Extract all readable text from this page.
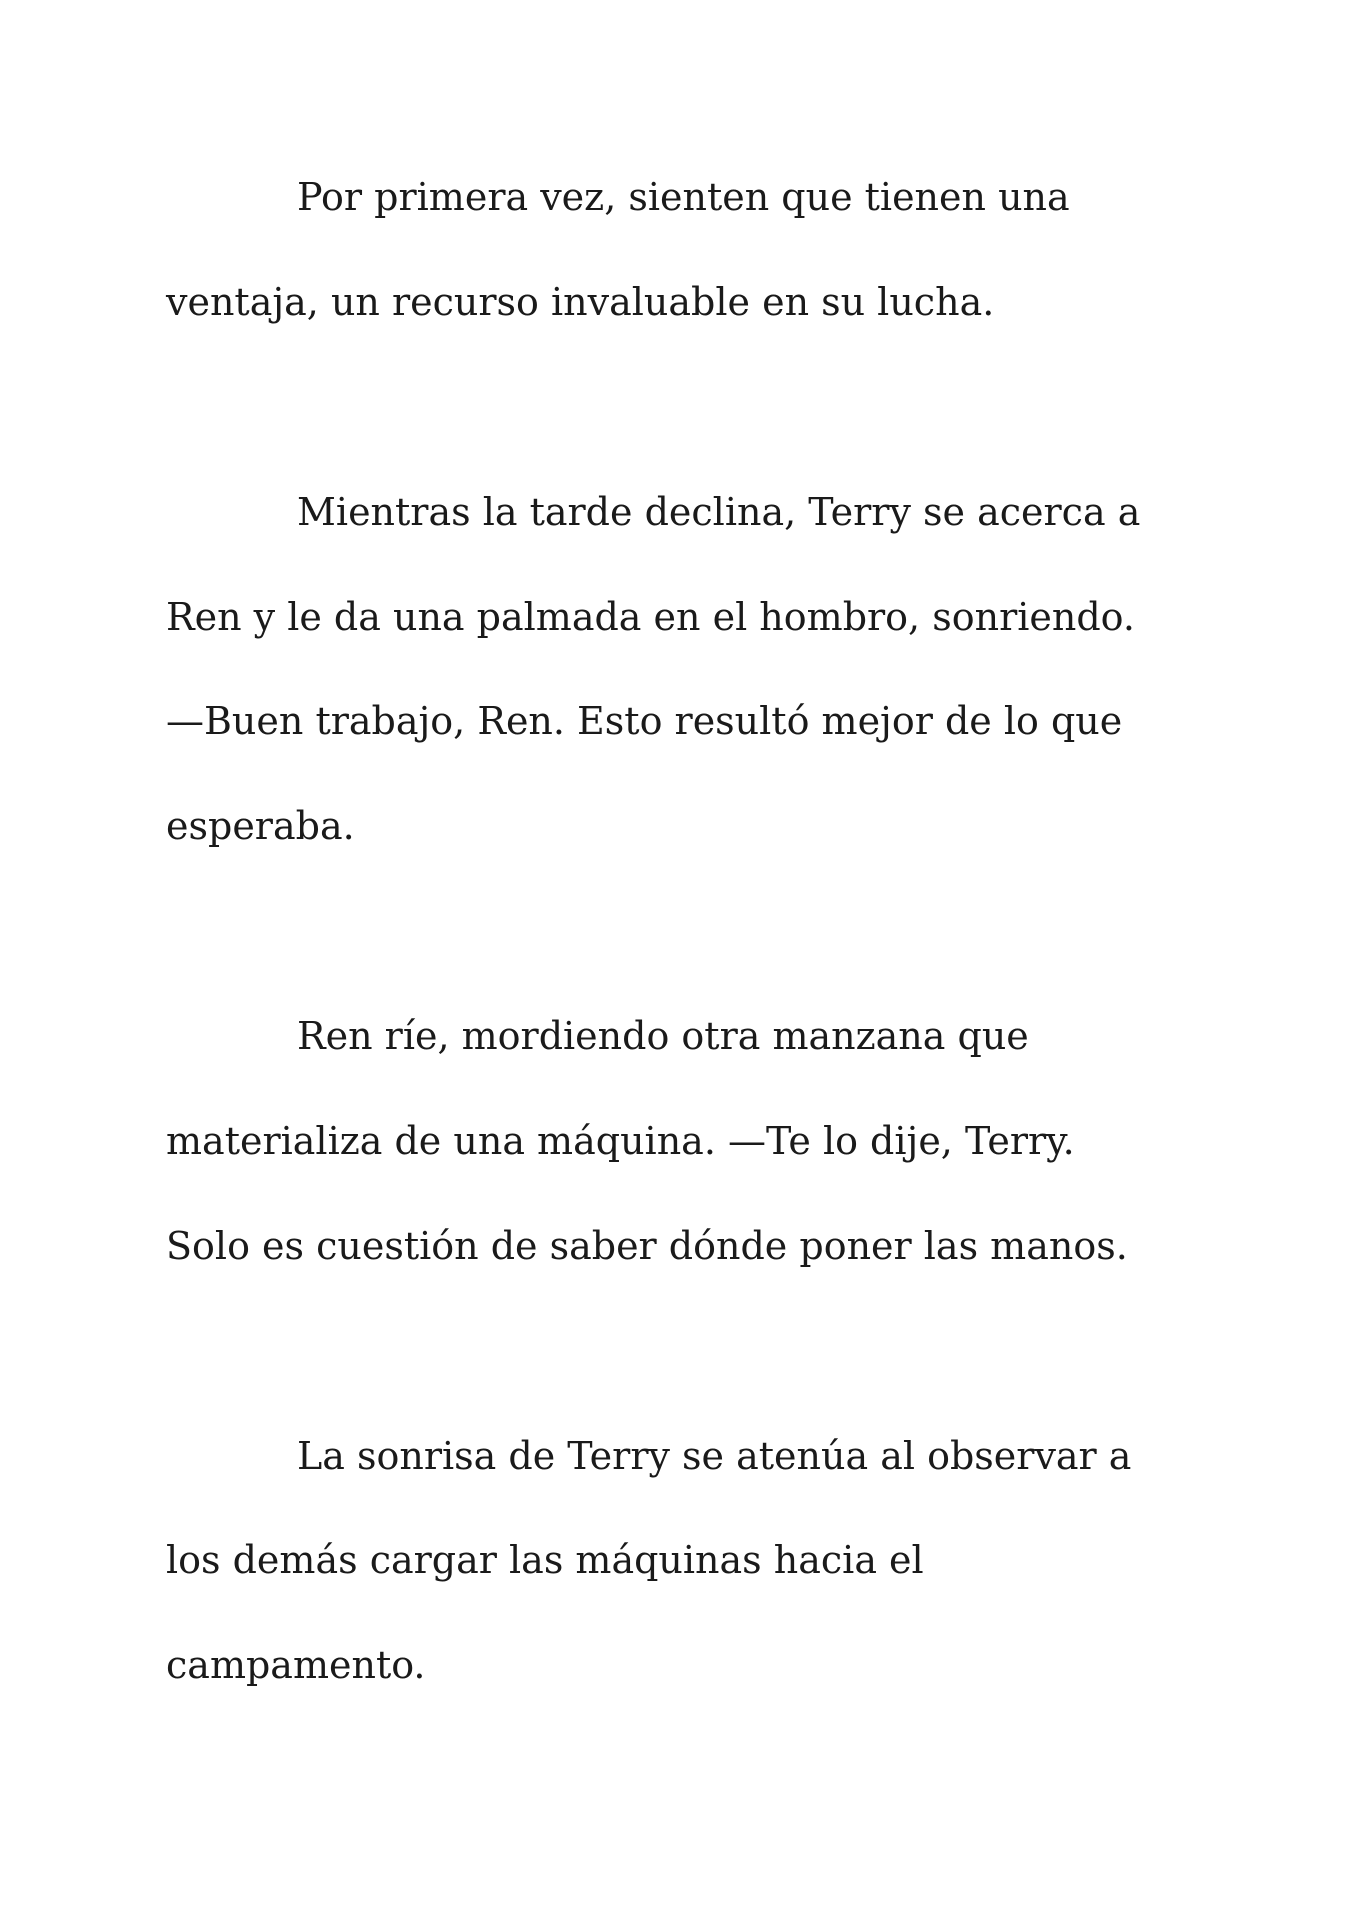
Por primera vez, sienten que tienen una
ventaja, un recurso invaluable en su lucha.
Mientras la tarde declina, Terry se acerca a
Ren y le da una palmada en el hombro, sonriendo.
—Buen trabajo, Ren. Esto resultó mejor de lo que
esperaba.
Ren ríe, mordiendo otra manzana que
materializa de una máquina. —Te lo dije, Terry.
Solo es cuestión de saber dónde poner las manos.
La sonrisa de Terry se atenúa al observar a
los demás cargar las máquinas hacia el
campamento.
